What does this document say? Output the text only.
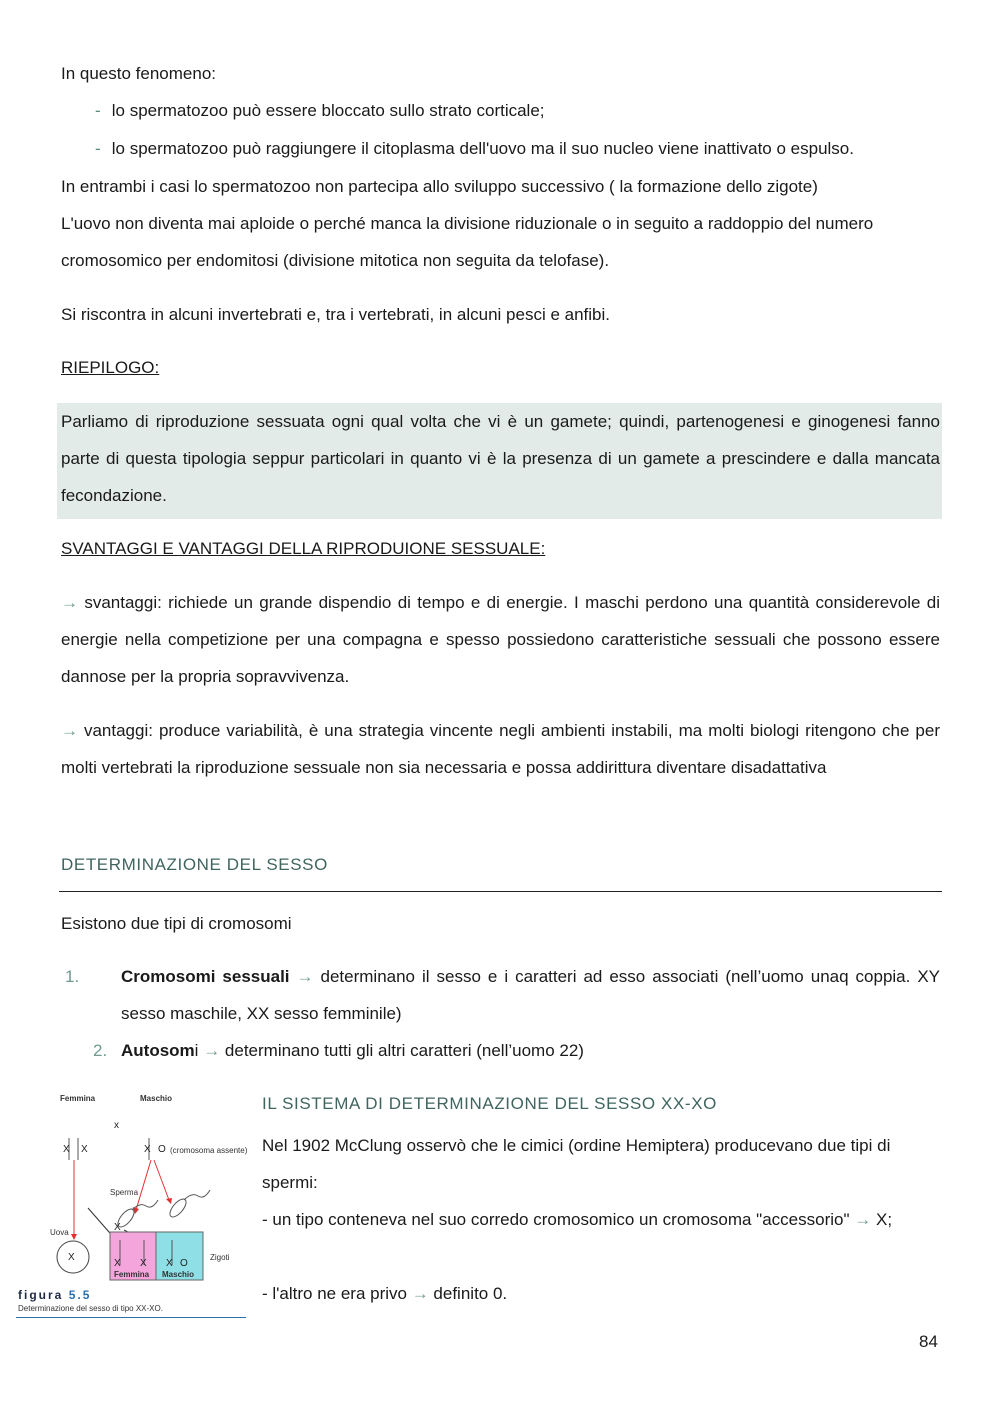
In questo fenomeno:

- lo spermatozoo può essere bloccato sullo strato corticale;

- lo spermatozoo può raggiungere il citoplasma dell'uovo ma il suo nucleo viene inattivato o espulso.

In entrambi i casi lo spermatozoo non partecipa allo sviluppo successivo ( la formazione dello zigote)

L'uovo non diventa mai aploide o perché manca la divisione riduzionale o in seguito a raddoppio del numero cromosomico per endomitosi (divisione mitotica non seguita da telofase).

Si riscontra in alcuni invertebrati e, tra i vertebrati, in alcuni pesci e anfibi.

RIEPILOGO:

Parliamo di riproduzione sessuata ogni qual volta che vi è un gamete; quindi, partenogenesi e ginogenesi fanno parte di questa tipologia seppur particolari in quanto vi è la presenza di un gamete a prescindere e dalla mancata fecondazione.

SVANTAGGI E VANTAGGI DELLA RIPRODUIONE SESSUALE:

→ svantaggi: richiede un grande dispendio di tempo e di energie. I maschi perdono una quantità considerevole di energie nella competizione per una compagna e spesso possiedono caratteristiche sessuali che possono essere dannose per la propria sopravvivenza.

→ vantaggi: produce variabilità, è una strategia vincente negli ambienti instabili, ma molti biologi ritengono che per molti vertebrati la riproduzione sessuale non sia necessaria e possa addirittura diventare disadattativa

DETERMINAZIONE DEL SESSO

Esistono due tipi di cromosomi

1. Cromosomi sessuali → determinano il sesso e i caratteri ad esso associati (nell’uomo unaq coppia. XY sesso maschile, XX sesso femminile)

2. Autosomi → determinano tutti gli altri caratteri (nell’uomo 22)

Femmina	Maschio
x
X X	X O (cromosoma assente)
Sperma
X
Uova
X	Zigoti
X X X O
Femmina Maschio
figura 5.5
Determinazione del sesso di tipo XX-XO.
IL SISTEMA DI DETERMINAZIONE DEL SESSO XX-XO

Nel 1902 McClung osservò che le cimici (ordine Hemiptera) producevano due tipi di spermi:

- un tipo conteneva nel suo corredo cromosomico un cromosoma "accessorio" → X;

- l'altro ne era privo → definito 0.

84
